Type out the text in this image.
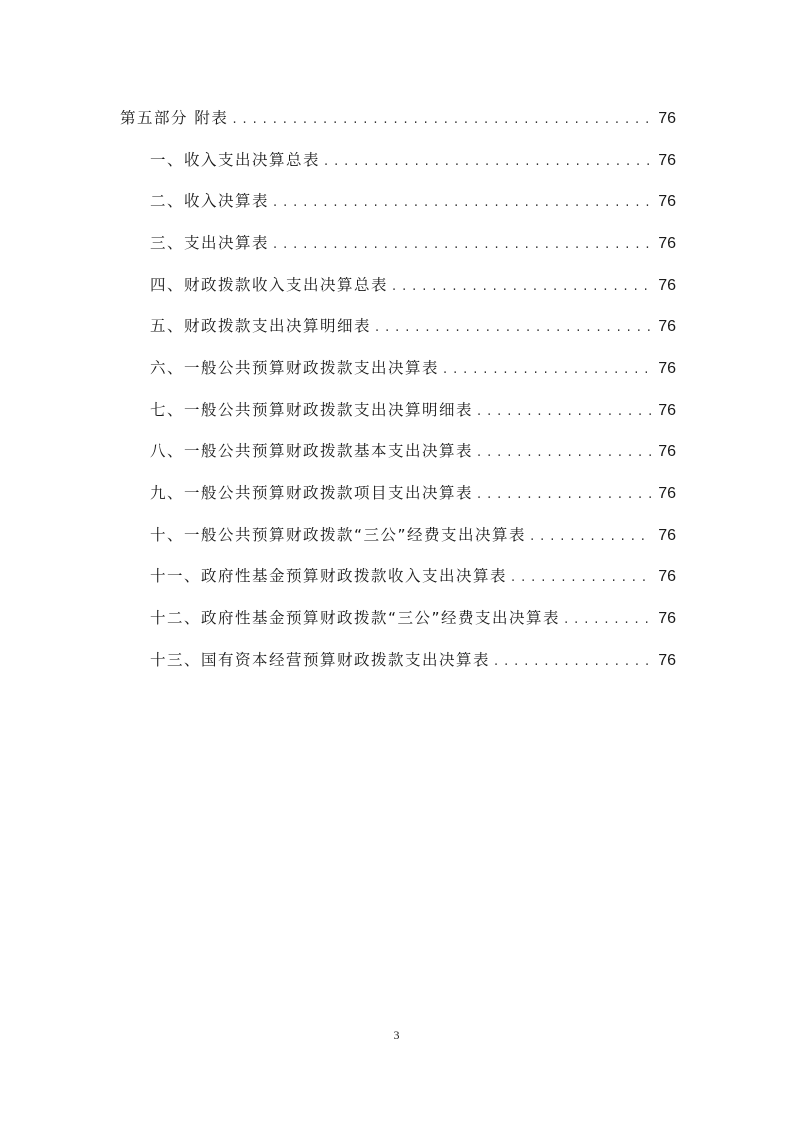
第五部分 附表 . . .	76
一、收入支出决算总表 . . .	76
二、收入决算表 . . .	76
三、支出决算表 . . .	76
四、财政拨款收入支出决算总表 . . .	76
五、财政拨款支出决算明细表 . . .	76
六、一般公共预算财政拨款支出决算表 . . .	76
七、一般公共预算财政拨款支出决算明细表 . . .	76
八、一般公共预算财政拨款基本支出决算表 . . .	76
九、一般公共预算财政拨款项目支出决算表 . . .	76
十、一般公共预算财政拨款“三公”经费支出决算表 . . .	76
十一、政府性基金预算财政拨款收入支出决算表 . . .	76
十二、政府性基金预算财政拨款“三公”经费支出决算表 . . .	76
十三、国有资本经营预算财政拨款支出决算表 . . .	76
3
